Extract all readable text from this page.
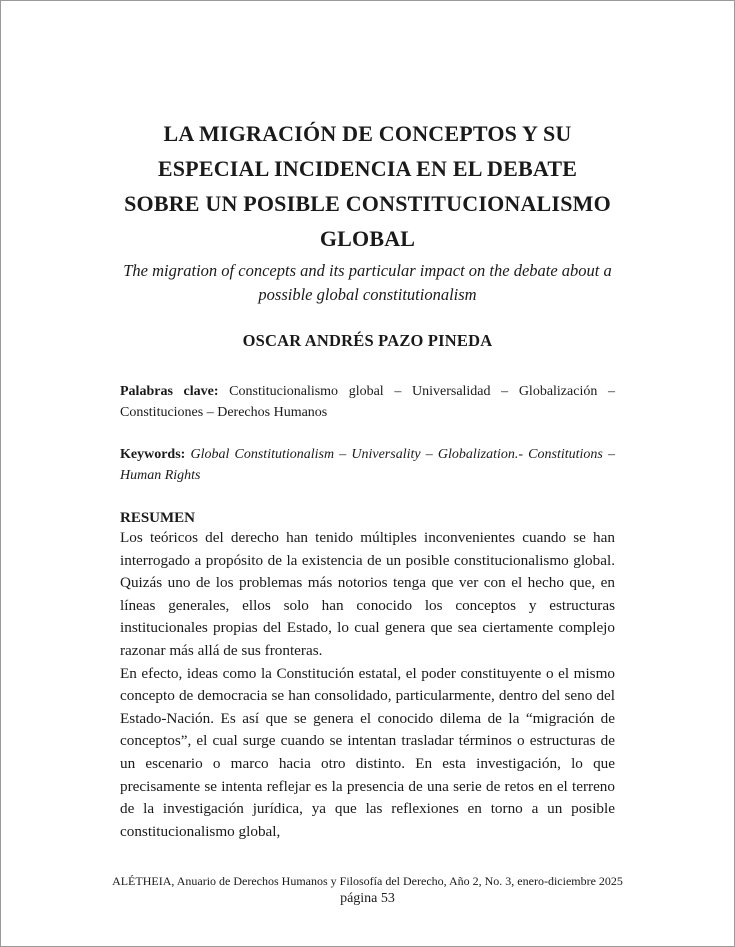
LA MIGRACIÓN DE CONCEPTOS Y SU ESPECIAL INCIDENCIA EN EL DEBATE SOBRE UN POSIBLE CONSTITUCIONALISMO GLOBAL

The migration of concepts and its particular impact on the debate about a possible global constitutionalism

OSCAR ANDRÉS PAZO PINEDA

Palabras clave: Constitucionalismo global – Universalidad – Globalización – Constituciones – Derechos Humanos

Keywords: Global Constitutionalism – Universality – Globalization.- Constitutions – Human Rights

RESUMEN

Los teóricos del derecho han tenido múltiples inconvenientes cuando se han interrogado a propósito de la existencia de un posible constitucionalismo global. Quizás uno de los problemas más notorios tenga que ver con el hecho que, en líneas generales, ellos solo han conocido los conceptos y estructuras institucionales propias del Estado, lo cual genera que sea ciertamente complejo razonar más allá de sus fronteras.

En efecto, ideas como la Constitución estatal, el poder constituyente o el mismo concepto de democracia se han consolidado, particularmente, dentro del seno del Estado-Nación. Es así que se genera el conocido dilema de la “migración de conceptos”, el cual surge cuando se intentan trasladar términos o estructuras de un escenario o marco hacia otro distinto. En esta investigación, lo que precisamente se intenta reflejar es la presencia de una serie de retos en el terreno de la investigación jurídica, ya que las reflexiones en torno a un posible constitucionalismo global,

ALÉTHEIA, Anuario de Derechos Humanos y Filosofía del Derecho, Año 2, No. 3, enero-diciembre 2025
página 53
